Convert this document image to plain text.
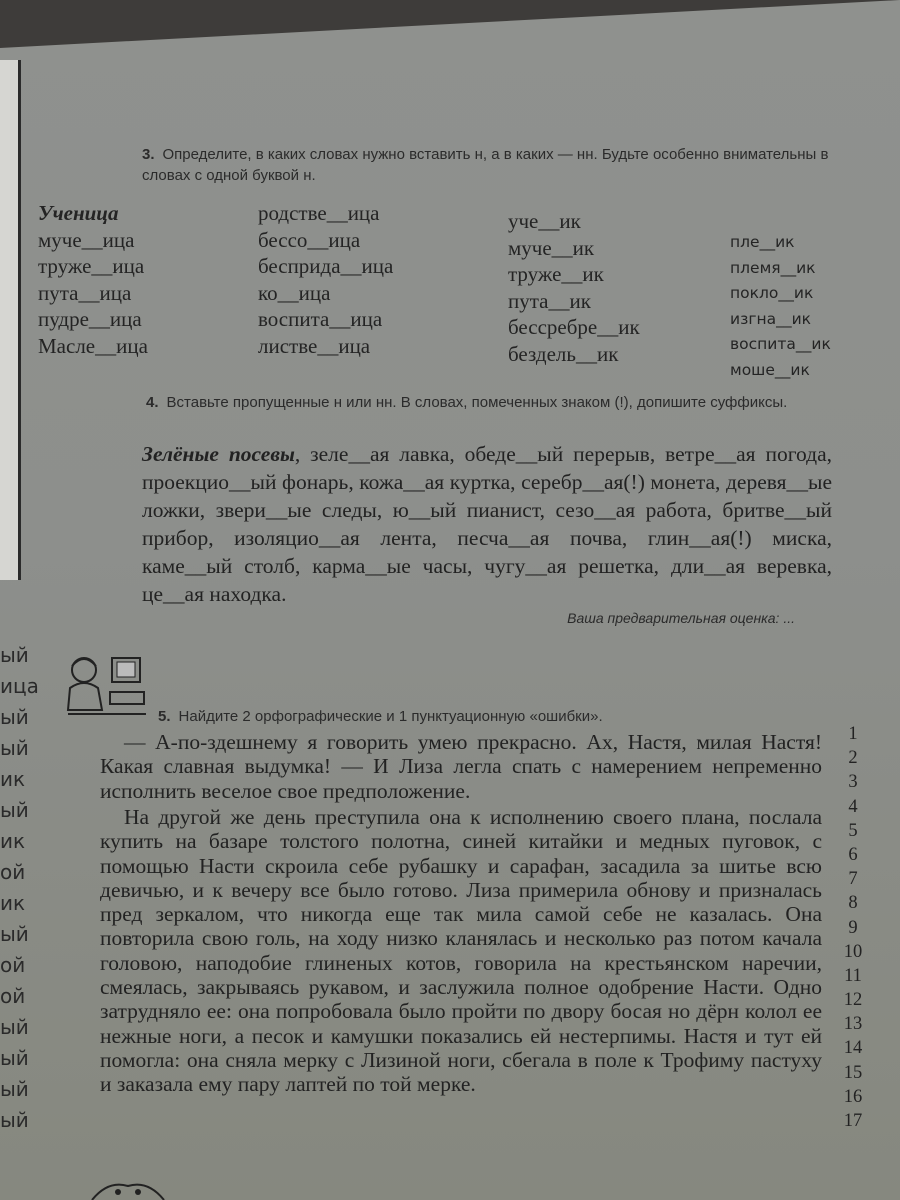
ый
ица
ый
ый
ик
ый
ик
ой
ик
ый
ой
ой
ый
ый
ый
ый
3. Определите, в каких словах нужно вставить н, а в каких — нн. Будьте особенно внимательны в словах с одной буквой н.
Ученица
муче__ица
труже__ица
пута__ица
пудре__ица
Масле__ица
родстве__ица
бессо__ица
бесприда__ица
ко__ица
воспита__ица
листве__ица
уче__ик
муче__ик
труже__ик
пута__ик
бессребре__ик
бездель__ик
пле__ик
племя__ик
покло__ик
изгна__ик
воспита__ик
моше__ик
4. Вставьте пропущенные н или нн. В словах, помеченных знаком (!), допишите суффиксы.
Зелёные посевы, зеле__ая лавка, обеде__ый перерыв, ветре__ая погода, проекцио__ый фонарь, кожа__ая куртка, серебр__ая(!) монета, деревя__ые ложки, звери__ые следы, ю__ый пианист, сезо__ая работа, бритве__ый прибор, изоляцио__ая лента, песча__ая почва, глин__ая(!) миска, каме__ый столб, карма__ые часы, чугу__ая решетка, дли__ая веревка, це__ая находка.
Ваша предварительная оценка: ...
5. Найдите 2 орфографические и 1 пунктуационную «ошибки».
— А-по-здешнему я говорить умею прекрасно. Ах, Настя, милая Настя! Какая славная выдумка! — И Лиза легла спать с намерением непременно исполнить веселое свое предположение.
На другой же день преступила она к исполнению своего плана, послала купить на базаре толстого полотна, синей китайки и медных пуговок, с помощью Насти скроила себе рубашку и сарафан, засадила за шитье всю девичью, и к вечеру все было готово. Лиза примерила обнову и призналась пред зеркалом, что никогда еще так мила самой себе не казалась. Она повторила свою голь, на ходу низко кланялась и несколько раз потом качала головою, наподобие глиненых котов, говорила на крестьянском наречии, смеялась, закрываясь рукавом, и заслужила полное одобрение Насти. Одно затрудняло ее: она попробовала было пройти по двору босая но дёрн колол ее нежные ноги, а песок и камушки показались ей нестерпимы. Настя и тут ей помогла: она сняла мерку с Лизиной ноги, сбегала в поле к Трофиму пастуху и заказала ему пару лаптей по той мерке.
1
2
3
4
5
6
7
8
9
10
11
12
13
14
15
16
17
